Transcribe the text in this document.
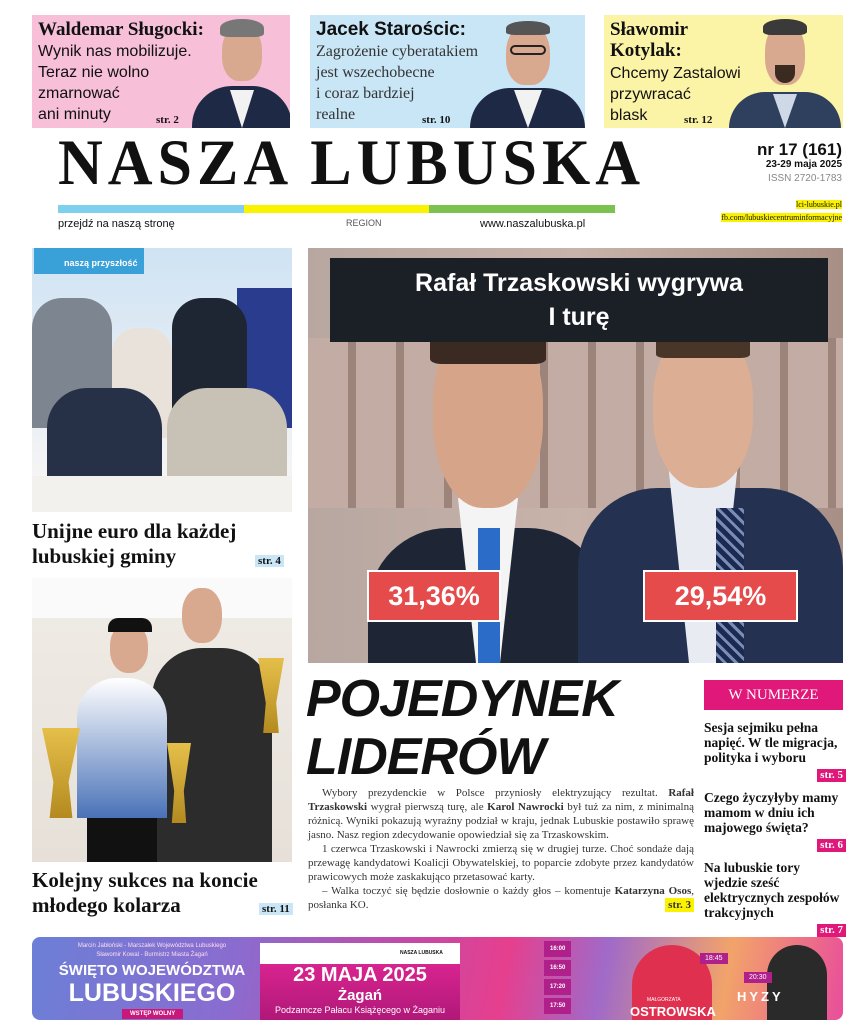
Waldemar Sługocki:

Wynik nas mobilizuje.
Teraz nie wolno
zmarnować
ani minuty	str. 2
Jacek Starościc:

Zagrożenie cyberatakiem
jest wszechobecne
i coraz bardziej
realne	str. 10
Sławomir
Kotylak:

Chcemy Zastalowi
przywracać
blask	str. 12
NASZA LUBUSKA	nr 17 (161)
23-29 maja 2025
ISSN 2720-1783
lci-lubuskie.pl
fb.com/lubuskiecentruminformacyjne
przejdź na naszą stronę	REGION	www.naszalubuska.pl
naszą przyszłość
Unijne euro dla każdej
lubuskiej gminy	str. 4
Kolejny sukces na koncie
młodego kolarza	str. 11
Rafał Trzaskowski wygrywa
I turę
31,36%	29,54%
POJEDYNEK
LIDERÓW

Wybory prezydenckie w Polsce przyniosły elektryzujący rezultat. Rafał Trzaskowski wygrał pierwszą turę, ale Karol Nawrocki był tuż za nim, z minimalną różnicą. Wyniki pokazują wyraźny podział w kraju, jednak Lubuskie postawiło sprawę jasno. Nasz region zdecydowanie opowiedział się za Trzaskowskim.

1 czerwca Trzaskowski i Nawrocki zmierzą się w drugiej turze. Choć sondaże dają przewagę kandydatowi Koalicji Obywatelskiej, to poparcie zdobyte przez kandydatów prawicowych może zaskakująco przetasować karty.

– Walka toczyć się będzie dosłownie o każdy głos – komentuje Katarzyna Osos, posłanka KO.	str. 3
W NUMERZE
Sesja sejmiku pełna napięć. W tle migracja, polityka i wyboru
str. 5
Czego życzyłyby mamy mamom w dniu ich majowego święta?
str. 6
Na lubuskie tory wjedzie sześć elektrycznych zespołów trakcyjnych
str. 7
Marcin Jabłoński - Marszałek Województwa Lubuskiego
Sławomir Kowal - Burmistrz Miasta Żagań
ŚWIĘTO WOJEWÓDZTWA
LUBUSKIEGO
WSTĘP WOLNY
NASZA LUBUSKA
23 MAJA 2025
Żagań
Podzamcze Pałacu Książęcego w Żaganiu
16:00
16:50
17:20
17:50
18:45
MAŁGORZATA
OSTROWSKA
20:30
HYZY
